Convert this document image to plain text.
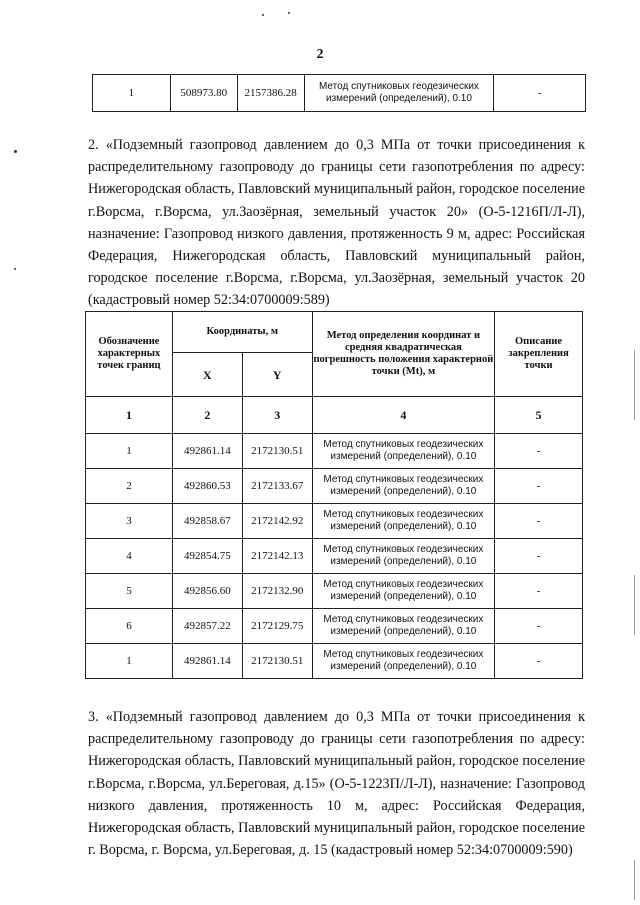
2
1	508973.80	2157386.28	Метод спутниковых геодезических измерений (определений), 0.10	-
2. «Подземный газопровод давлением до 0,3 МПа от точки присоединения к распределительному газопроводу до границы сети газопотребления по адресу: Нижегородская область, Павловский муниципальный район, городское поселение г.Ворсма, г.Ворсма, ул.Заозёрная, земельный участок 20» (О-5-1216П/Л-Л), назначение: Газопровод низкого давления, протяженность 9 м, адрес: Российская Федерация, Нижегородская область, Павловский муниципальный район, городское поселение г.Ворсма, г.Ворсма, ул.Заозёрная, земельный участок 20 (кадастровый номер 52:34:0700009:589)
Обозначение характерных точек границ	Координаты, м		Метод определения координат и средняя квадратическая погрешность положения характерной точки (Mt), м	Описание закрепления точки
	X	Y		
1	2	3	4	5
1	492861.14	2172130.51	Метод спутниковых геодезических измерений (определений), 0.10	-
2	492860.53	2172133.67	Метод спутниковых геодезических измерений (определений), 0.10	-
3	492858.67	2172142.92	Метод спутниковых геодезических измерений (определений), 0.10	-
4	492854.75	2172142.13	Метод спутниковых геодезических измерений (определений), 0.10	-
5	492856.60	2172132.90	Метод спутниковых геодезических измерений (определений), 0.10	-
6	492857.22	2172129.75	Метод спутниковых геодезических измерений (определений), 0.10	-
1	492861.14	2172130.51	Метод спутниковых геодезических измерений (определений), 0.10	-
3. «Подземный газопровод давлением до 0,3 МПа от точки присоединения к распределительному газопроводу до границы сети газопотребления по адресу: Нижегородская область, Павловский муниципальный район, городское поселение г.Ворсма, г.Ворсма, ул.Береговая, д.15» (О-5-1223П/Л-Л), назначение: Газопровод низкого давления, протяженность 10 м, адрес: Российская Федерация, Нижегородская область, Павловский муниципальный район, городское поселение г. Ворсма, г. Ворсма, ул.Береговая, д. 15 (кадастровый номер 52:34:0700009:590)
